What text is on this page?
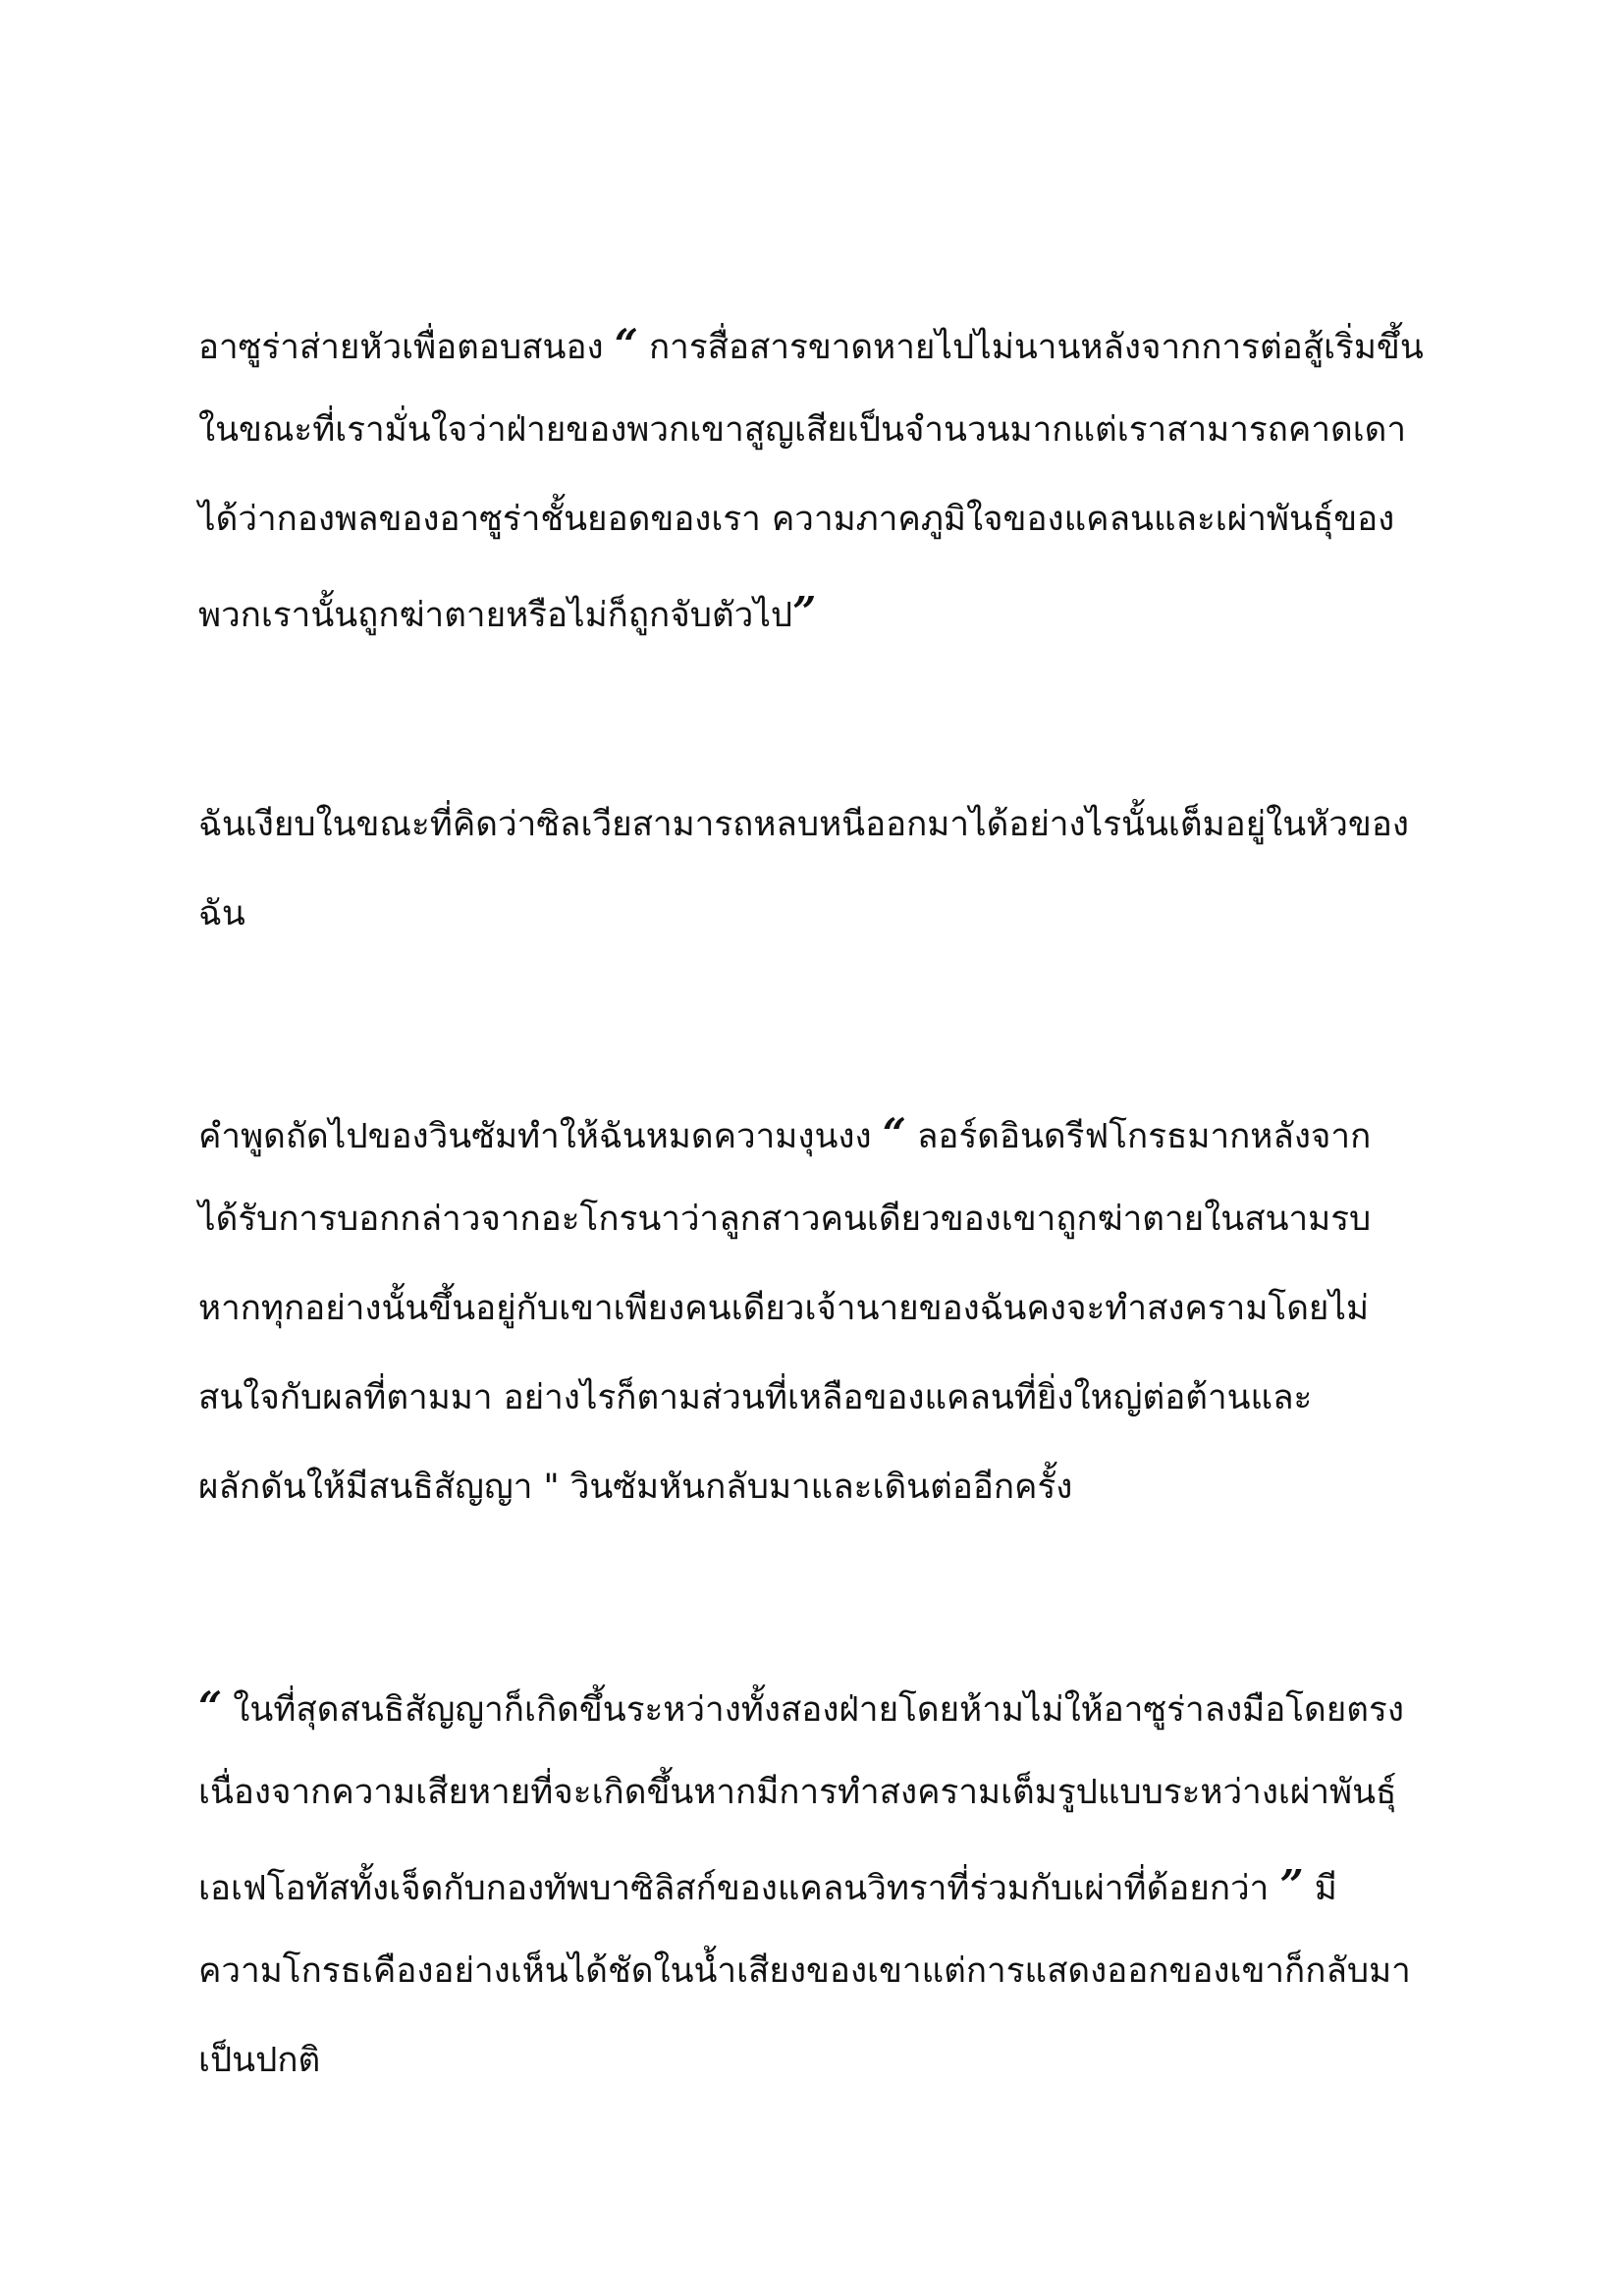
อาซูร่าส่ายหัวเพื่อตอบสนอง “ การสื่อสารขาดหายไปไม่นานหลังจากการต่อสู้เริ่มขึ้น
ในขณะที่เรามั่นใจว่าฝ่ายของพวกเขาสูญเสียเป็นจำนวนมากแต่เราสามารถคาดเดา
ได้ว่ากองพลของอาซูร่าชั้นยอดของเรา ความภาคภูมิใจของแคลนและเผ่าพันธุ์ของ
พวกเรานั้นถูกฆ่าตายหรือไม่ก็ถูกจับตัวไป”
ฉันเงียบในขณะที่คิดว่าซิลเวียสามารถหลบหนีออกมาได้อย่างไรนั้นเต็มอยู่ในหัวของ
ฉัน
คำพูดถัดไปของวินซัมทำให้ฉันหมดความงุนงง “ ลอร์ดอินดรีฟโกรธมากหลังจาก
ได้รับการบอกกล่าวจากอะโกรนาว่าลูกสาวคนเดียวของเขาถูกฆ่าตายในสนามรบ
หากทุกอย่างนั้นขึ้นอยู่กับเขาเพียงคนเดียวเจ้านายของฉันคงจะทำสงครามโดยไม่
สนใจกับผลที่ตามมา อย่างไรก็ตามส่วนที่เหลือของแคลนที่ยิ่งใหญ่ต่อต้านและ
ผลักดันให้มีสนธิสัญญา " วินซัมหันกลับมาและเดินต่ออีกครั้ง
“ ในที่สุดสนธิสัญญาก็เกิดขึ้นระหว่างทั้งสองฝ่ายโดยห้ามไม่ให้อาซูร่าลงมือโดยตรง
เนื่องจากความเสียหายที่จะเกิดขึ้นหากมีการทำสงครามเต็มรูปแบบระหว่างเผ่าพันธุ์
เอเฟโอทัสทั้งเจ็ดกับกองทัพบาซิลิสก์ของแคลนวิทราที่ร่วมกับเผ่าที่ด้อยกว่า ” มี
ความโกรธเคืองอย่างเห็นได้ชัดในน้ำเสียงของเขาแต่การแสดงออกของเขาก็กลับมา
เป็นปกติ
